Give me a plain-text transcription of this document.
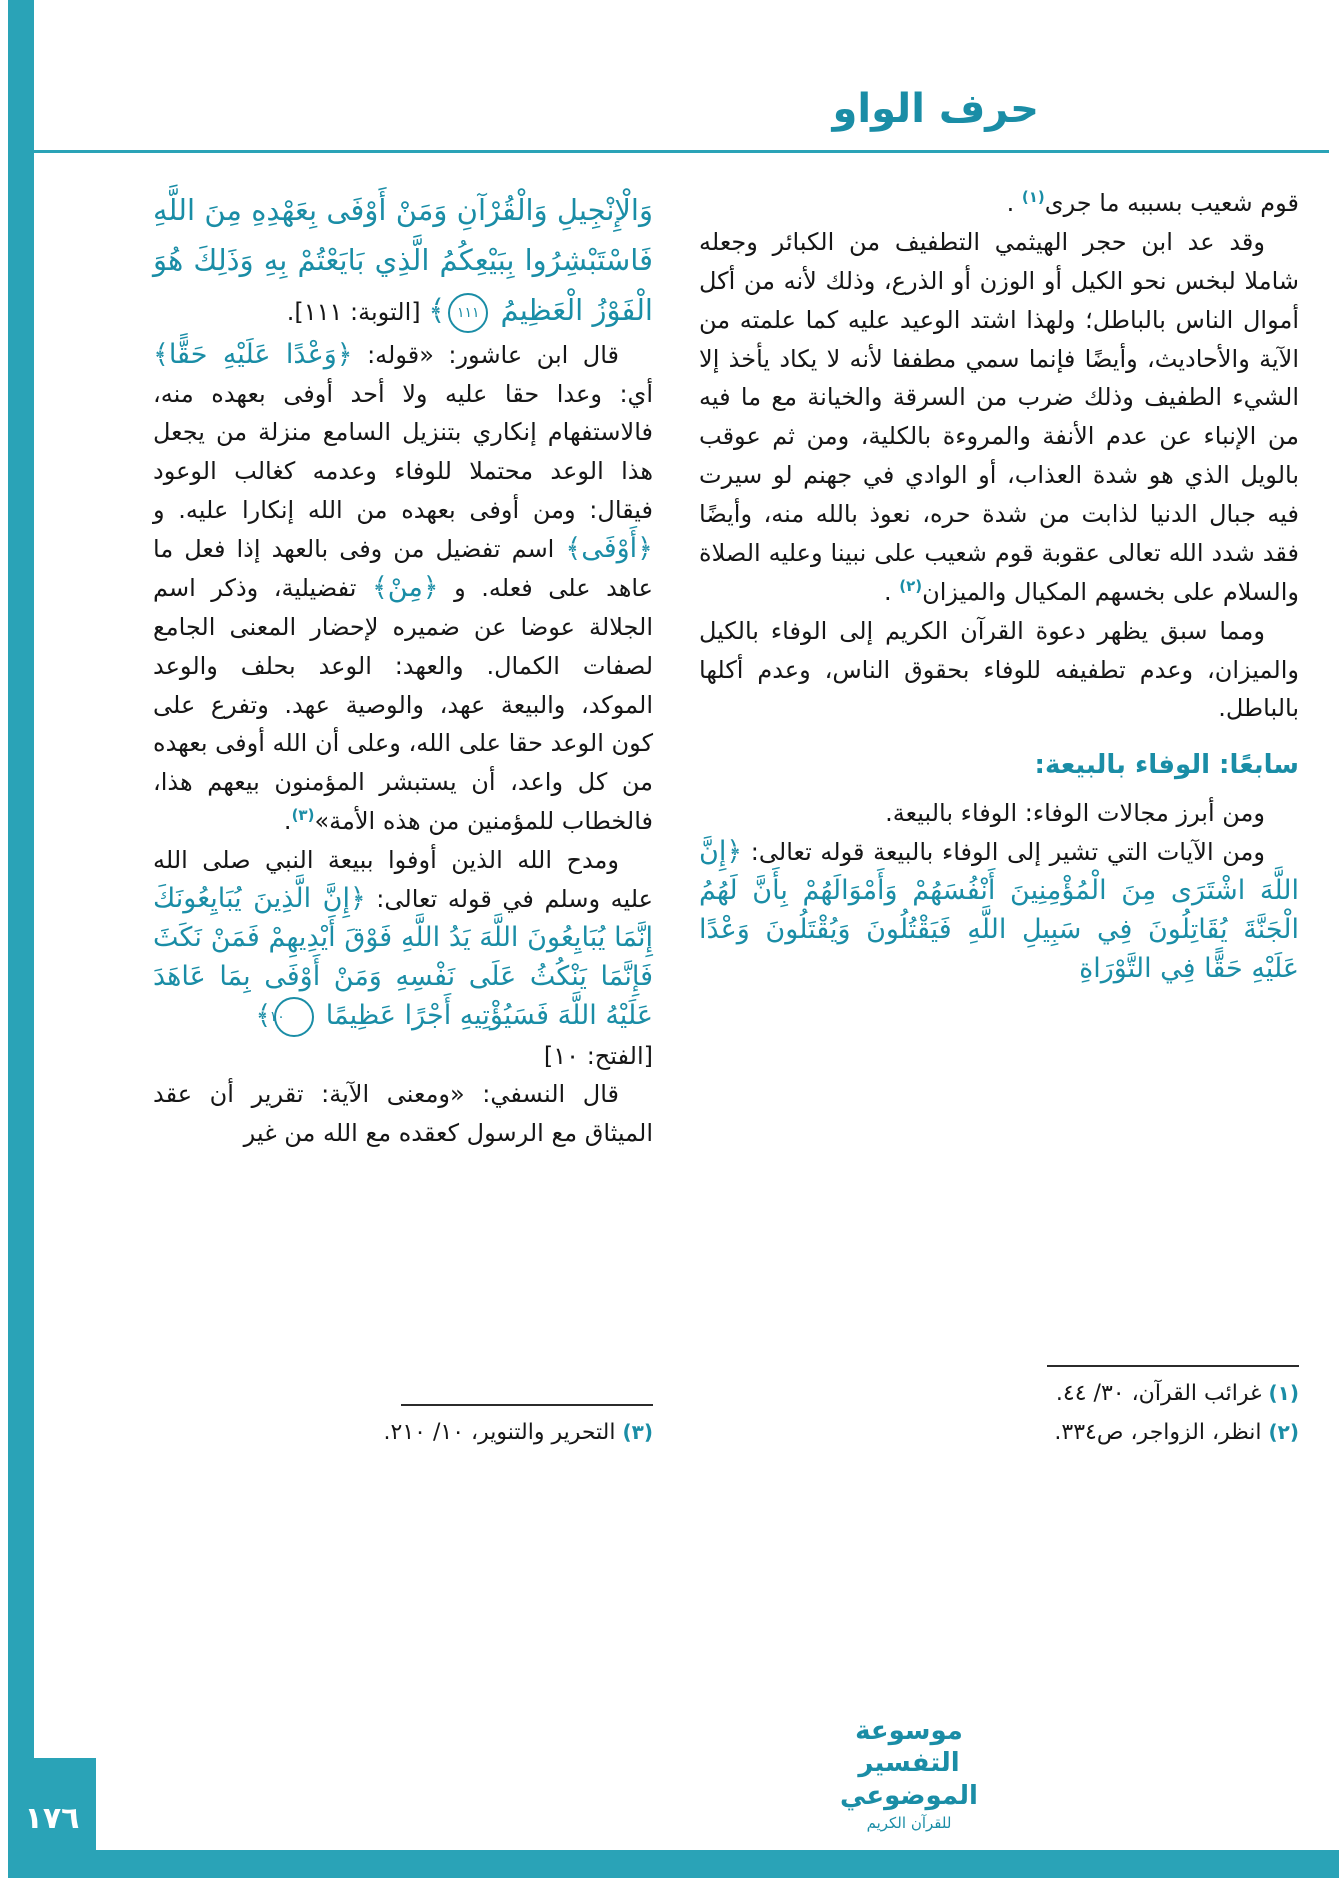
١٧٦
حرف الواو

قوم شعيب بسببه ما جرى$^{(١)}$ .

وقد عد ابن حجر الهيثمي التطفيف من الكبائر وجعله شاملا لبخس نحو الكيل أو الوزن أو الذرع، وذلك لأنه من أكل أموال الناس بالباطل؛ ولهذا اشتد الوعيد عليه كما علمته من الآية والأحاديث، وأيضًا فإنما سمي مطففا لأنه لا يكاد يأخذ إلا الشيء الطفيف وذلك ضرب من السرقة والخيانة مع ما فيه من الإنباء عن عدم الأنفة والمروءة بالكلية، ومن ثم عوقب بالويل الذي هو شدة العذاب، أو الوادي في جهنم لو سيرت فيه جبال الدنيا لذابت من شدة حره، نعوذ بالله منه، وأيضًا فقد شدد الله تعالى عقوبة قوم شعيب على نبينا وعليه الصلاة والسلام على بخسهم المكيال والميزان$^{(٢)}$ .

ومما سبق يظهر دعوة القرآن الكريم إلى الوفاء بالكيل والميزان، وعدم تطفيفه للوفاء بحقوق الناس، وعدم أكلها بالباطل.

سابعًا: الوفاء بالبيعة:

ومن أبرز مجالات الوفاء: الوفاء بالبيعة.

ومن الآيات التي تشير إلى الوفاء بالبيعة قوله تعالى: ﴿إِنَّ اللَّهَ اشْتَرَى مِنَ الْمُؤْمِنِينَ أَنْفُسَهُمْ وَأَمْوَالَهُمْ بِأَنَّ لَهُمُ الْجَنَّةَ يُقَاتِلُونَ فِي سَبِيلِ اللَّهِ فَيَقْتُلُونَ وَيُقْتَلُونَ وَعْدًا عَلَيْهِ حَقًّا فِي التَّوْرَاةِ

(١) غرائب القرآن، ٣٠/ ٤٤.
(٢) انظر، الزواجر، ص٣٣٤.

وَالْإِنْجِيلِ وَالْقُرْآنِ وَمَنْ أَوْفَى بِعَهْدِهِ مِنَ اللَّهِ فَاسْتَبْشِرُوا بِبَيْعِكُمُ الَّذِي بَايَعْتُمْ بِهِ وَذَلِكَ هُوَ الْفَوْزُ الْعَظِيمُ ١١١﴾ [التوبة: ١١١].

قال ابن عاشور: «قوله: ﴿وَعْدًا عَلَيْهِ حَقًّا﴾ أي: وعدا حقا عليه ولا أحد أوفى بعهده منه، فالاستفهام إنكاري بتنزيل السامع منزلة من يجعل هذا الوعد محتملا للوفاء وعدمه كغالب الوعود فيقال: ومن أوفى بعهده من الله إنكارا عليه. و ﴿أَوْفَى﴾ اسم تفضيل من وفى بالعهد إذا فعل ما عاهد على فعله. و ﴿مِنْ﴾ تفضيلية، وذكر اسم الجلالة عوضا عن ضميره لإحضار المعنى الجامع لصفات الكمال. والعهد: الوعد بحلف والوعد الموكد، والبيعة عهد، والوصية عهد. وتفرع على كون الوعد حقا على الله، وعلى أن الله أوفى بعهده من كل واعد، أن يستبشر المؤمنون بيعهم هذا، فالخطاب للمؤمنين من هذه الأمة»$^{(٣)}$.

ومدح الله الذين أوفوا ببيعة النبي صلى الله عليه وسلم في قوله تعالى: ﴿إِنَّ الَّذِينَ يُبَايِعُونَكَ إِنَّمَا يُبَايِعُونَ اللَّهَ يَدُ اللَّهِ فَوْقَ أَيْدِيهِمْ فَمَنْ نَكَثَ فَإِنَّمَا يَنْكُثُ عَلَى نَفْسِهِ وَمَنْ أَوْفَى بِمَا عَاهَدَ عَلَيْهُ اللَّهَ فَسَيُؤْتِيهِ أَجْرًا عَظِيمًا ١٠﴾

[الفتح: ١٠]

قال النسفي: «ومعنى الآية: تقرير أن عقد الميثاق مع الرسول كعقده مع الله من غير

(٣) التحرير والتنوير، ١٠/ ٢١٠.
موسوعة التفسير الموضوعي
للقرآن الكريم
